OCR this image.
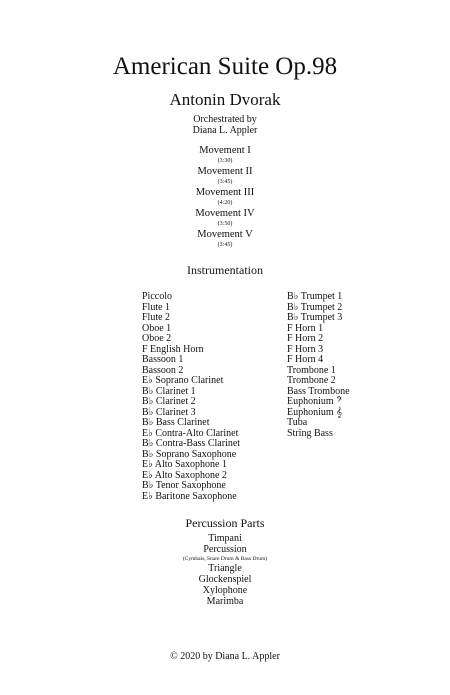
American Suite Op.98
Antonin Dvorak
Orchestrated by
Diana L. Appler
Movement I
(3:30)
Movement II
(3:45)
Movement III
(4:20)
Movement IV
(3:50)
Movement V
(3:45)
Instrumentation
Piccolo
Flute 1
Flute 2
Oboe 1
Oboe 2
F English Horn
Bassoon 1
Bassoon 2
E♭ Soprano Clarinet
B♭ Clarinet 1
B♭ Clarinet 2
B♭ Clarinet 3
B♭ Bass Clarinet
E♭ Contra-Alto Clarinet
B♭ Contra-Bass Clarinet
B♭ Soprano Saxophone
E♭ Alto Saxophone 1
E♭ Alto Saxophone 2
B♭ Tenor Saxophone
E♭ Baritone Saxophone
B♭ Trumpet 1
B♭ Trumpet 2
B♭ Trumpet 3
F Horn 1
F Horn 2
F Horn 3
F Horn 4
Trombone 1
Trombone 2
Bass Trombone
Euphonium 𝄢
Euphonium 𝄞
Tuba
String Bass
Percussion Parts
Timpani
Percussion
(Cymbals, Snare Drum & Bass Drum)
Triangle
Glockenspiel
Xylophone
Marimba
© 2020 by Diana L. Appler
